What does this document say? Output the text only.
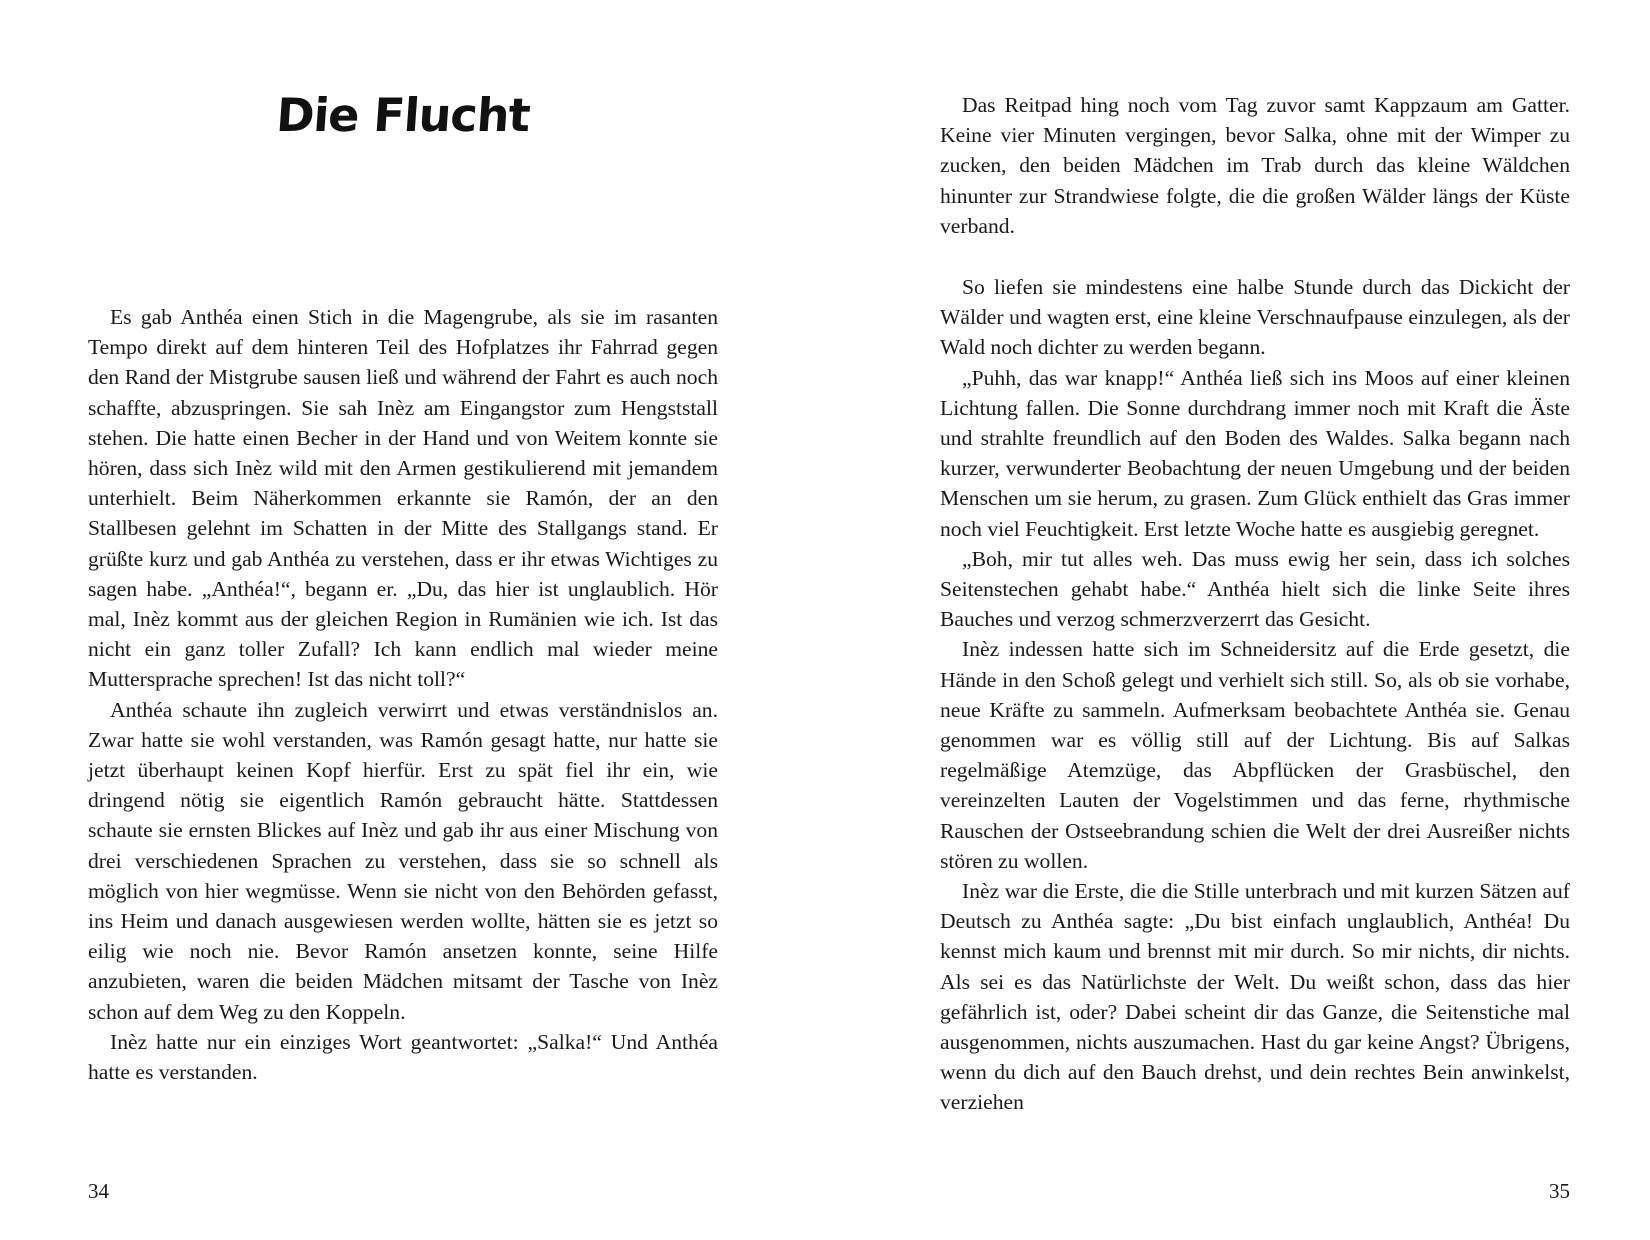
Die Flucht

Es gab Anthéa einen Stich in die Magengrube, als sie im rasanten Tempo direkt auf dem hinteren Teil des Hofplatzes ihr Fahrrad gegen den Rand der Mistgrube sausen ließ und während der Fahrt es auch noch schaffte, abzuspringen. Sie sah Inèz am Eingangstor zum Hengststall stehen. Die hatte einen Becher in der Hand und von Weitem konnte sie hören, dass sich Inèz wild mit den Armen gestikulierend mit jemandem unterhielt. Beim Näherkommen erkannte sie Ramón, der an den Stallbesen gelehnt im Schatten in der Mitte des Stallgangs stand. Er grüßte kurz und gab Anthéa zu verstehen, dass er ihr etwas Wichtiges zu sagen habe. „Anthéa!“, begann er. „Du, das hier ist unglaublich. Hör mal, Inèz kommt aus der gleichen Region in Rumänien wie ich. Ist das nicht ein ganz toller Zufall? Ich kann endlich mal wieder meine Muttersprache sprechen! Ist das nicht toll?“

Anthéa schaute ihn zugleich verwirrt und etwas verständnislos an. Zwar hatte sie wohl verstanden, was Ramón gesagt hatte, nur hatte sie jetzt überhaupt keinen Kopf hierfür. Erst zu spät fiel ihr ein, wie dringend nötig sie eigentlich Ramón gebraucht hätte. Stattdessen schaute sie ernsten Blickes auf Inèz und gab ihr aus einer Mischung von drei verschiedenen Sprachen zu verstehen, dass sie so schnell als möglich von hier wegmüsse. Wenn sie nicht von den Behörden gefasst, ins Heim und danach ausgewiesen werden wollte, hätten sie es jetzt so eilig wie noch nie. Bevor Ramón ansetzen konnte, seine Hilfe anzubieten, waren die beiden Mädchen mitsamt der Tasche von Inèz schon auf dem Weg zu den Koppeln.

Inèz hatte nur ein einziges Wort geantwortet: „Salka!“ Und Anthéa hatte es verstanden.

34

Das Reitpad hing noch vom Tag zuvor samt Kappzaum am Gatter. Keine vier Minuten vergingen, bevor Salka, ohne mit der Wimper zu zucken, den beiden Mädchen im Trab durch das kleine Wäldchen hinunter zur Strandwiese folgte, die die großen Wälder längs der Küste verband.

So liefen sie mindestens eine halbe Stunde durch das Dickicht der Wälder und wagten erst, eine kleine Verschnaufpause einzulegen, als der Wald noch dichter zu werden begann.

„Puhh, das war knapp!“ Anthéa ließ sich ins Moos auf einer kleinen Lichtung fallen. Die Sonne durchdrang immer noch mit Kraft die Äste und strahlte freundlich auf den Boden des Waldes. Salka begann nach kurzer, verwunderter Beobachtung der neuen Umgebung und der beiden Menschen um sie herum, zu grasen. Zum Glück enthielt das Gras immer noch viel Feuchtigkeit. Erst letzte Woche hatte es ausgiebig geregnet.

„Boh, mir tut alles weh. Das muss ewig her sein, dass ich solches Seitenstechen gehabt habe.“ Anthéa hielt sich die linke Seite ihres Bauches und verzog schmerzverzerrt das Gesicht.

Inèz indessen hatte sich im Schneidersitz auf die Erde gesetzt, die Hände in den Schoß gelegt und verhielt sich still. So, als ob sie vorhabe, neue Kräfte zu sammeln. Aufmerksam beobachtete Anthéa sie. Genau genommen war es völlig still auf der Lichtung. Bis auf Salkas regelmäßige Atemzüge, das Abpflücken der Grasbüschel, den vereinzelten Lauten der Vogelstimmen und das ferne, rhythmische Rauschen der Ostseebrandung schien die Welt der drei Ausreißer nichts stören zu wollen.

Inèz war die Erste, die die Stille unterbrach und mit kurzen Sätzen auf Deutsch zu Anthéa sagte: „Du bist einfach unglaublich, Anthéa! Du kennst mich kaum und brennst mit mir durch. So mir nichts, dir nichts. Als sei es das Natürlichste der Welt. Du weißt schon, dass das hier gefährlich ist, oder? Dabei scheint dir das Ganze, die Seitenstiche mal ausgenommen, nichts auszumachen. Hast du gar keine Angst? Übrigens, wenn du dich auf den Bauch drehst, und dein rechtes Bein anwinkelst, verziehen

35
